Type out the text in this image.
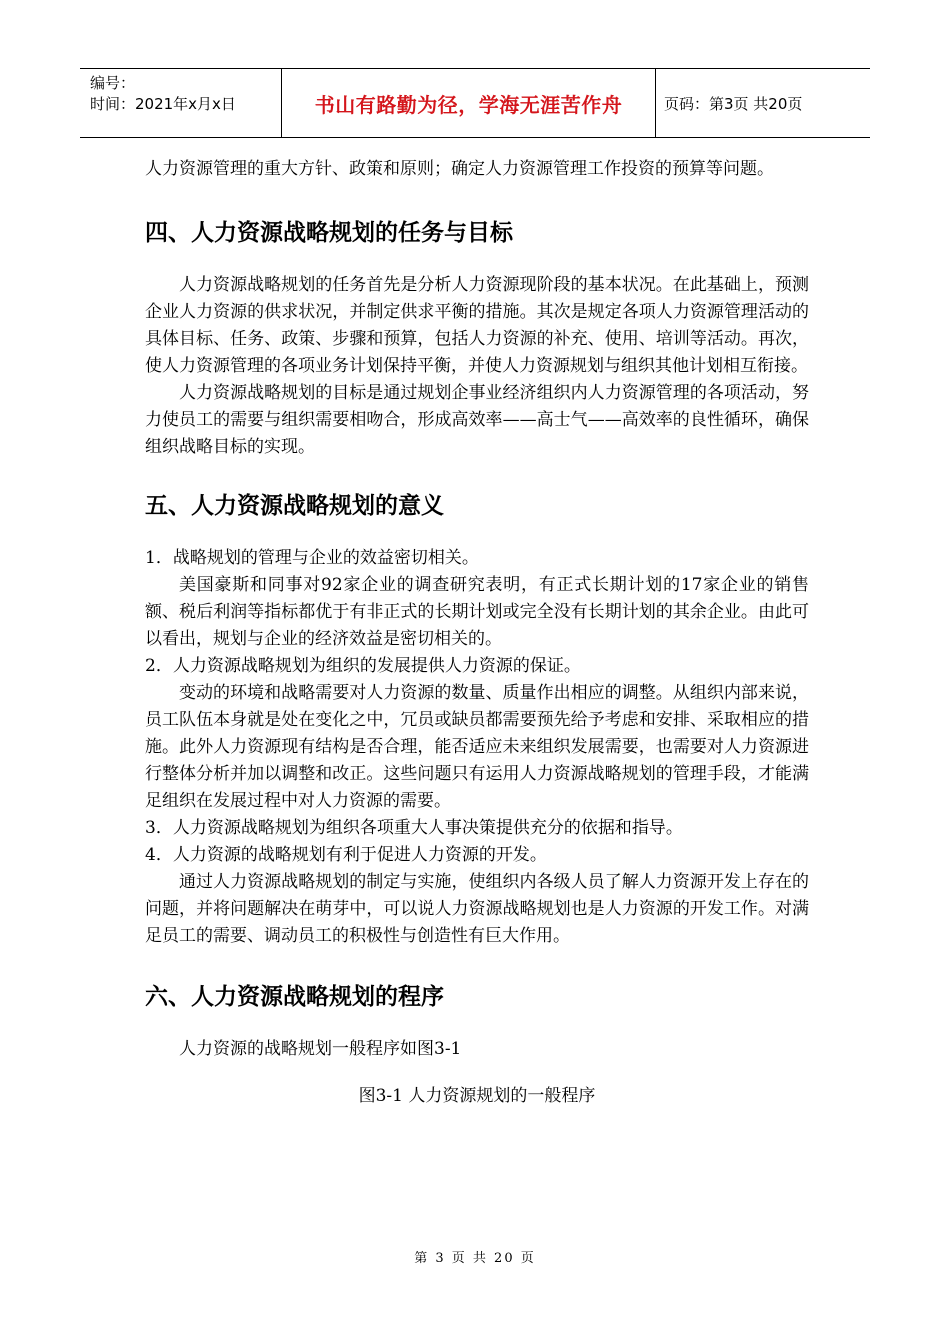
编号：
时间：2021年x月x日	书山有路勤为径，学海无涯苦作舟	页码：第3页 共20页

人力资源管理的重大方针、政策和原则；确定人力资源管理工作投资的预算等问题。

四、人力资源战略规划的任务与目标

人力资源战略规划的任务首先是分析人力资源现阶段的基本状况。在此基础上，预测企业人力资源的供求状况，并制定供求平衡的措施。其次是规定各项人力资源管理活动的具体目标、任务、政策、步骤和预算，包括人力资源的补充、使用、培训等活动。再次，使人力资源管理的各项业务计划保持平衡，并使人力资源规划与组织其他计划相互衔接。

人力资源战略规划的目标是通过规划企事业经济组织内人力资源管理的各项活动，努力使员工的需要与组织需要相吻合，形成高效率——高士气——高效率的良性循环，确保组织战略目标的实现。

五、人力资源战略规划的意义

1．战略规划的管理与企业的效益密切相关。

美国豪斯和同事对92家企业的调查研究表明，有正式长期计划的17家企业的销售额、税后利润等指标都优于有非正式的长期计划或完全没有长期计划的其余企业。由此可以看出，规划与企业的经济效益是密切相关的。

2．人力资源战略规划为组织的发展提供人力资源的保证。

变动的环境和战略需要对人力资源的数量、质量作出相应的调整。从组织内部来说，员工队伍本身就是处在变化之中，冗员或缺员都需要预先给予考虑和安排、采取相应的措施。此外人力资源现有结构是否合理，能否适应未来组织发展需要，也需要对人力资源进行整体分析并加以调整和改正。这些问题只有运用人力资源战略规划的管理手段，才能满足组织在发展过程中对人力资源的需要。

3．人力资源战略规划为组织各项重大人事决策提供充分的依据和指导。

4．人力资源的战略规划有利于促进人力资源的开发。

通过人力资源战略规划的制定与实施，使组织内各级人员了解人力资源开发上存在的问题，并将问题解决在萌芽中，可以说人力资源战略规划也是人力资源的开发工作。对满足员工的需要、调动员工的积极性与创造性有巨大作用。

六、人力资源战略规划的程序

人力资源的战略规划一般程序如图3-1

图3-1 人力资源规划的一般程序

第 3 页 共 20 页
